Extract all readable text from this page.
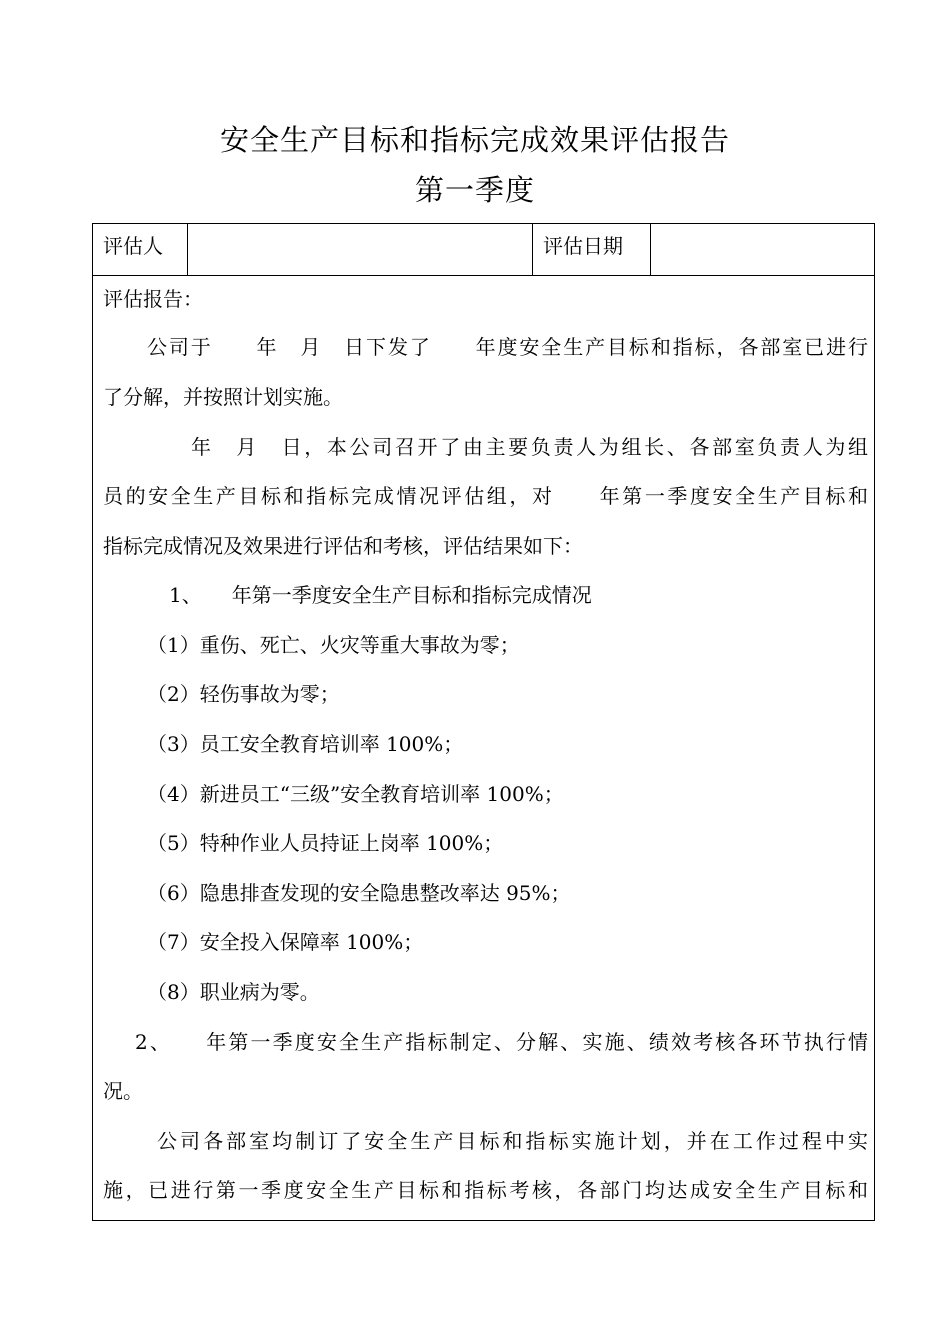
安全生产目标和指标完成效果评估报告
第一季度
评估人	评估日期
评估报告：
公司于　　年　月　日下发了　　年度安全生产目标和指标，各部室已进行
了分解，并按照计划实施。
年　月　日，本公司召开了由主要负责人为组长、各部室负责人为组
员的安全生产目标和指标完成情况评估组，对　　年第一季度安全生产目标和
指标完成情况及效果进行评估和考核，评估结果如下：
1、　　年第一季度安全生产目标和指标完成情况
（1）重伤、死亡、火灾等重大事故为零；
（2）轻伤事故为零；
（3）员工安全教育培训率 100%；
（4）新进员工“三级”安全教育培训率 100%；
（5）特种作业人员持证上岗率 100%；
（6）隐患排查发现的安全隐患整改率达 95%；
（7）安全投入保障率 100%；
（8）职业病为零。
2、　　年第一季度安全生产指标制定、分解、实施、绩效考核各环节执行情
况。
公司各部室均制订了安全生产目标和指标实施计划，并在工作过程中实
施，已进行第一季度安全生产目标和指标考核，各部门均达成安全生产目标和
